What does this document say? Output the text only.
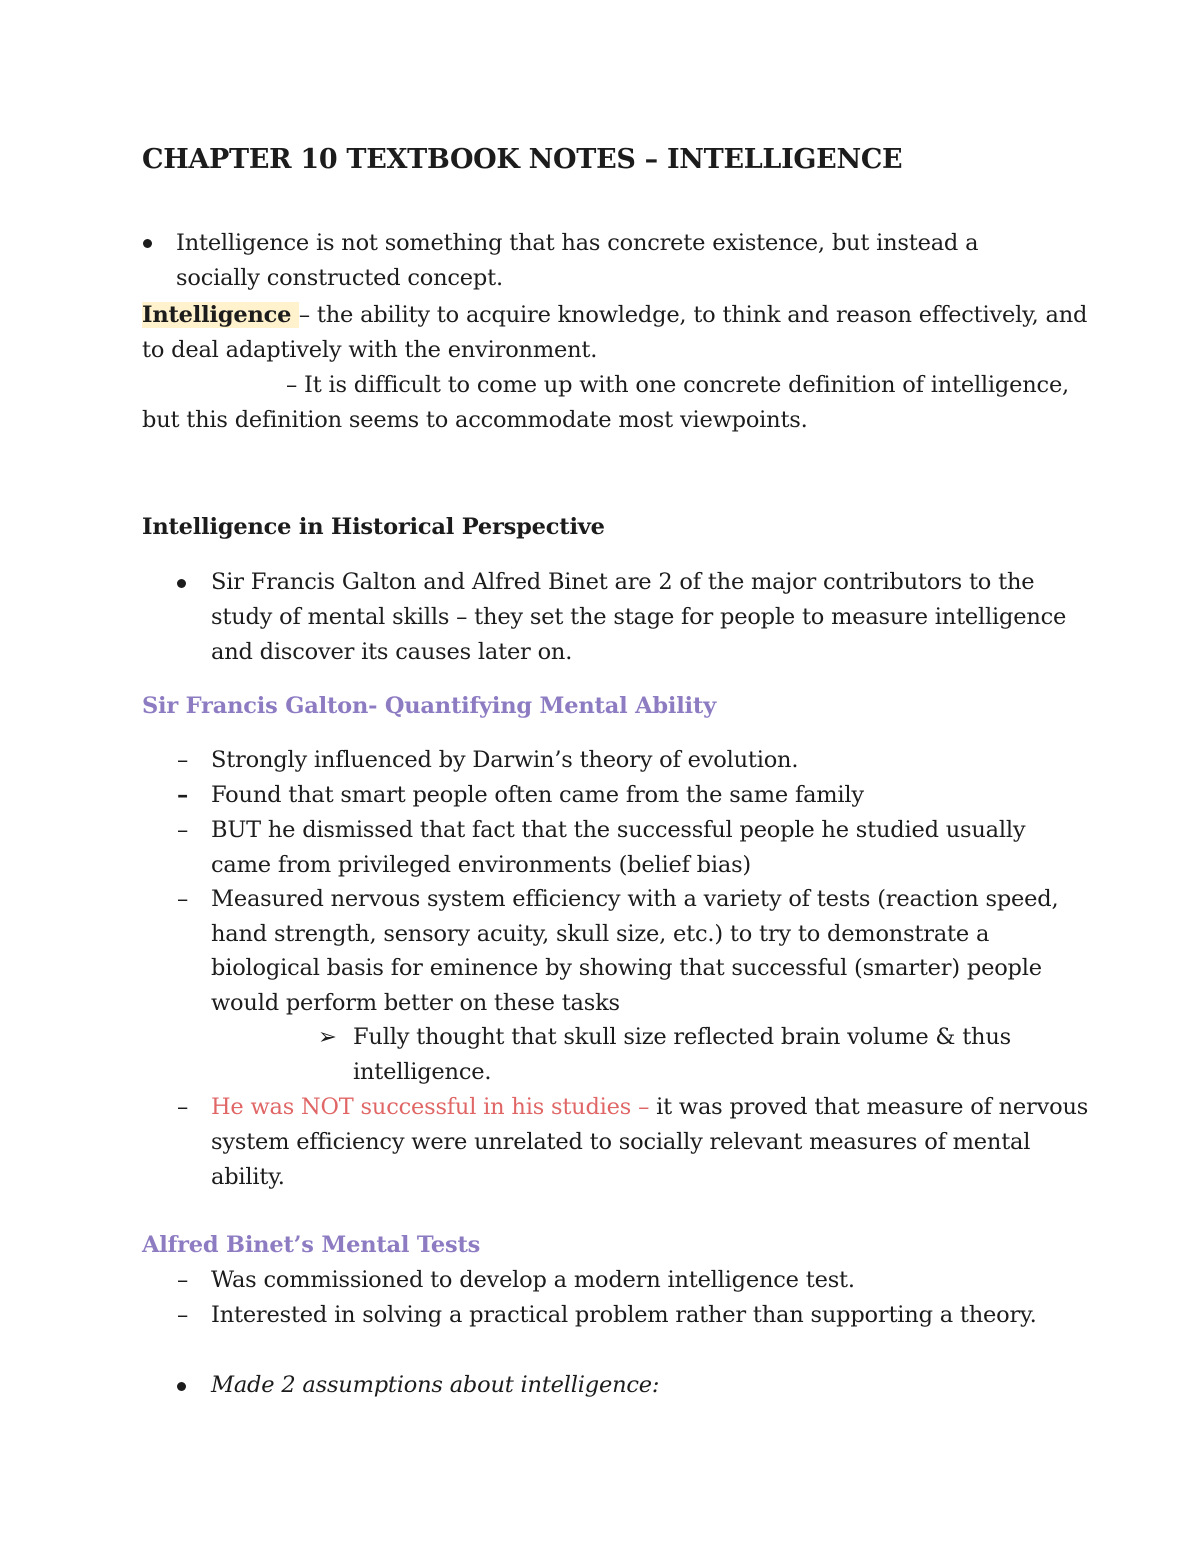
CHAPTER 10 TEXTBOOK NOTES – INTELLIGENCE
Intelligence is not something that has concrete existence, but instead a
socially constructed concept.
Intelligence – the ability to acquire knowledge, to think and reason effectively, and
to deal adaptively with the environment.
– It is difficult to come up with one concrete definition of intelligence,
but this definition seems to accommodate most viewpoints.
Intelligence in Historical Perspective
Sir Francis Galton and Alfred Binet are 2 of the major contributors to the
study of mental skills – they set the stage for people to measure intelligence
and discover its causes later on.
Sir Francis Galton- Quantifying Mental Ability
– Strongly influenced by Darwin’s theory of evolution.
– Found that smart people often came from the same family
– BUT he dismissed that fact that the successful people he studied usually
came from privileged environments (belief bias)
– Measured nervous system efficiency with a variety of tests (reaction speed,
hand strength, sensory acuity, skull size, etc.) to try to demonstrate a
biological basis for eminence by showing that successful (smarter) people
would perform better on these tasks
➢ Fully thought that skull size reflected brain volume & thus
intelligence.
– He was NOT successful in his studies – it was proved that measure of nervous
system efficiency were unrelated to socially relevant measures of mental
ability.
Alfred Binet’s Mental Tests
– Was commissioned to develop a modern intelligence test.
– Interested in solving a practical problem rather than supporting a theory.
Made 2 assumptions about intelligence:
